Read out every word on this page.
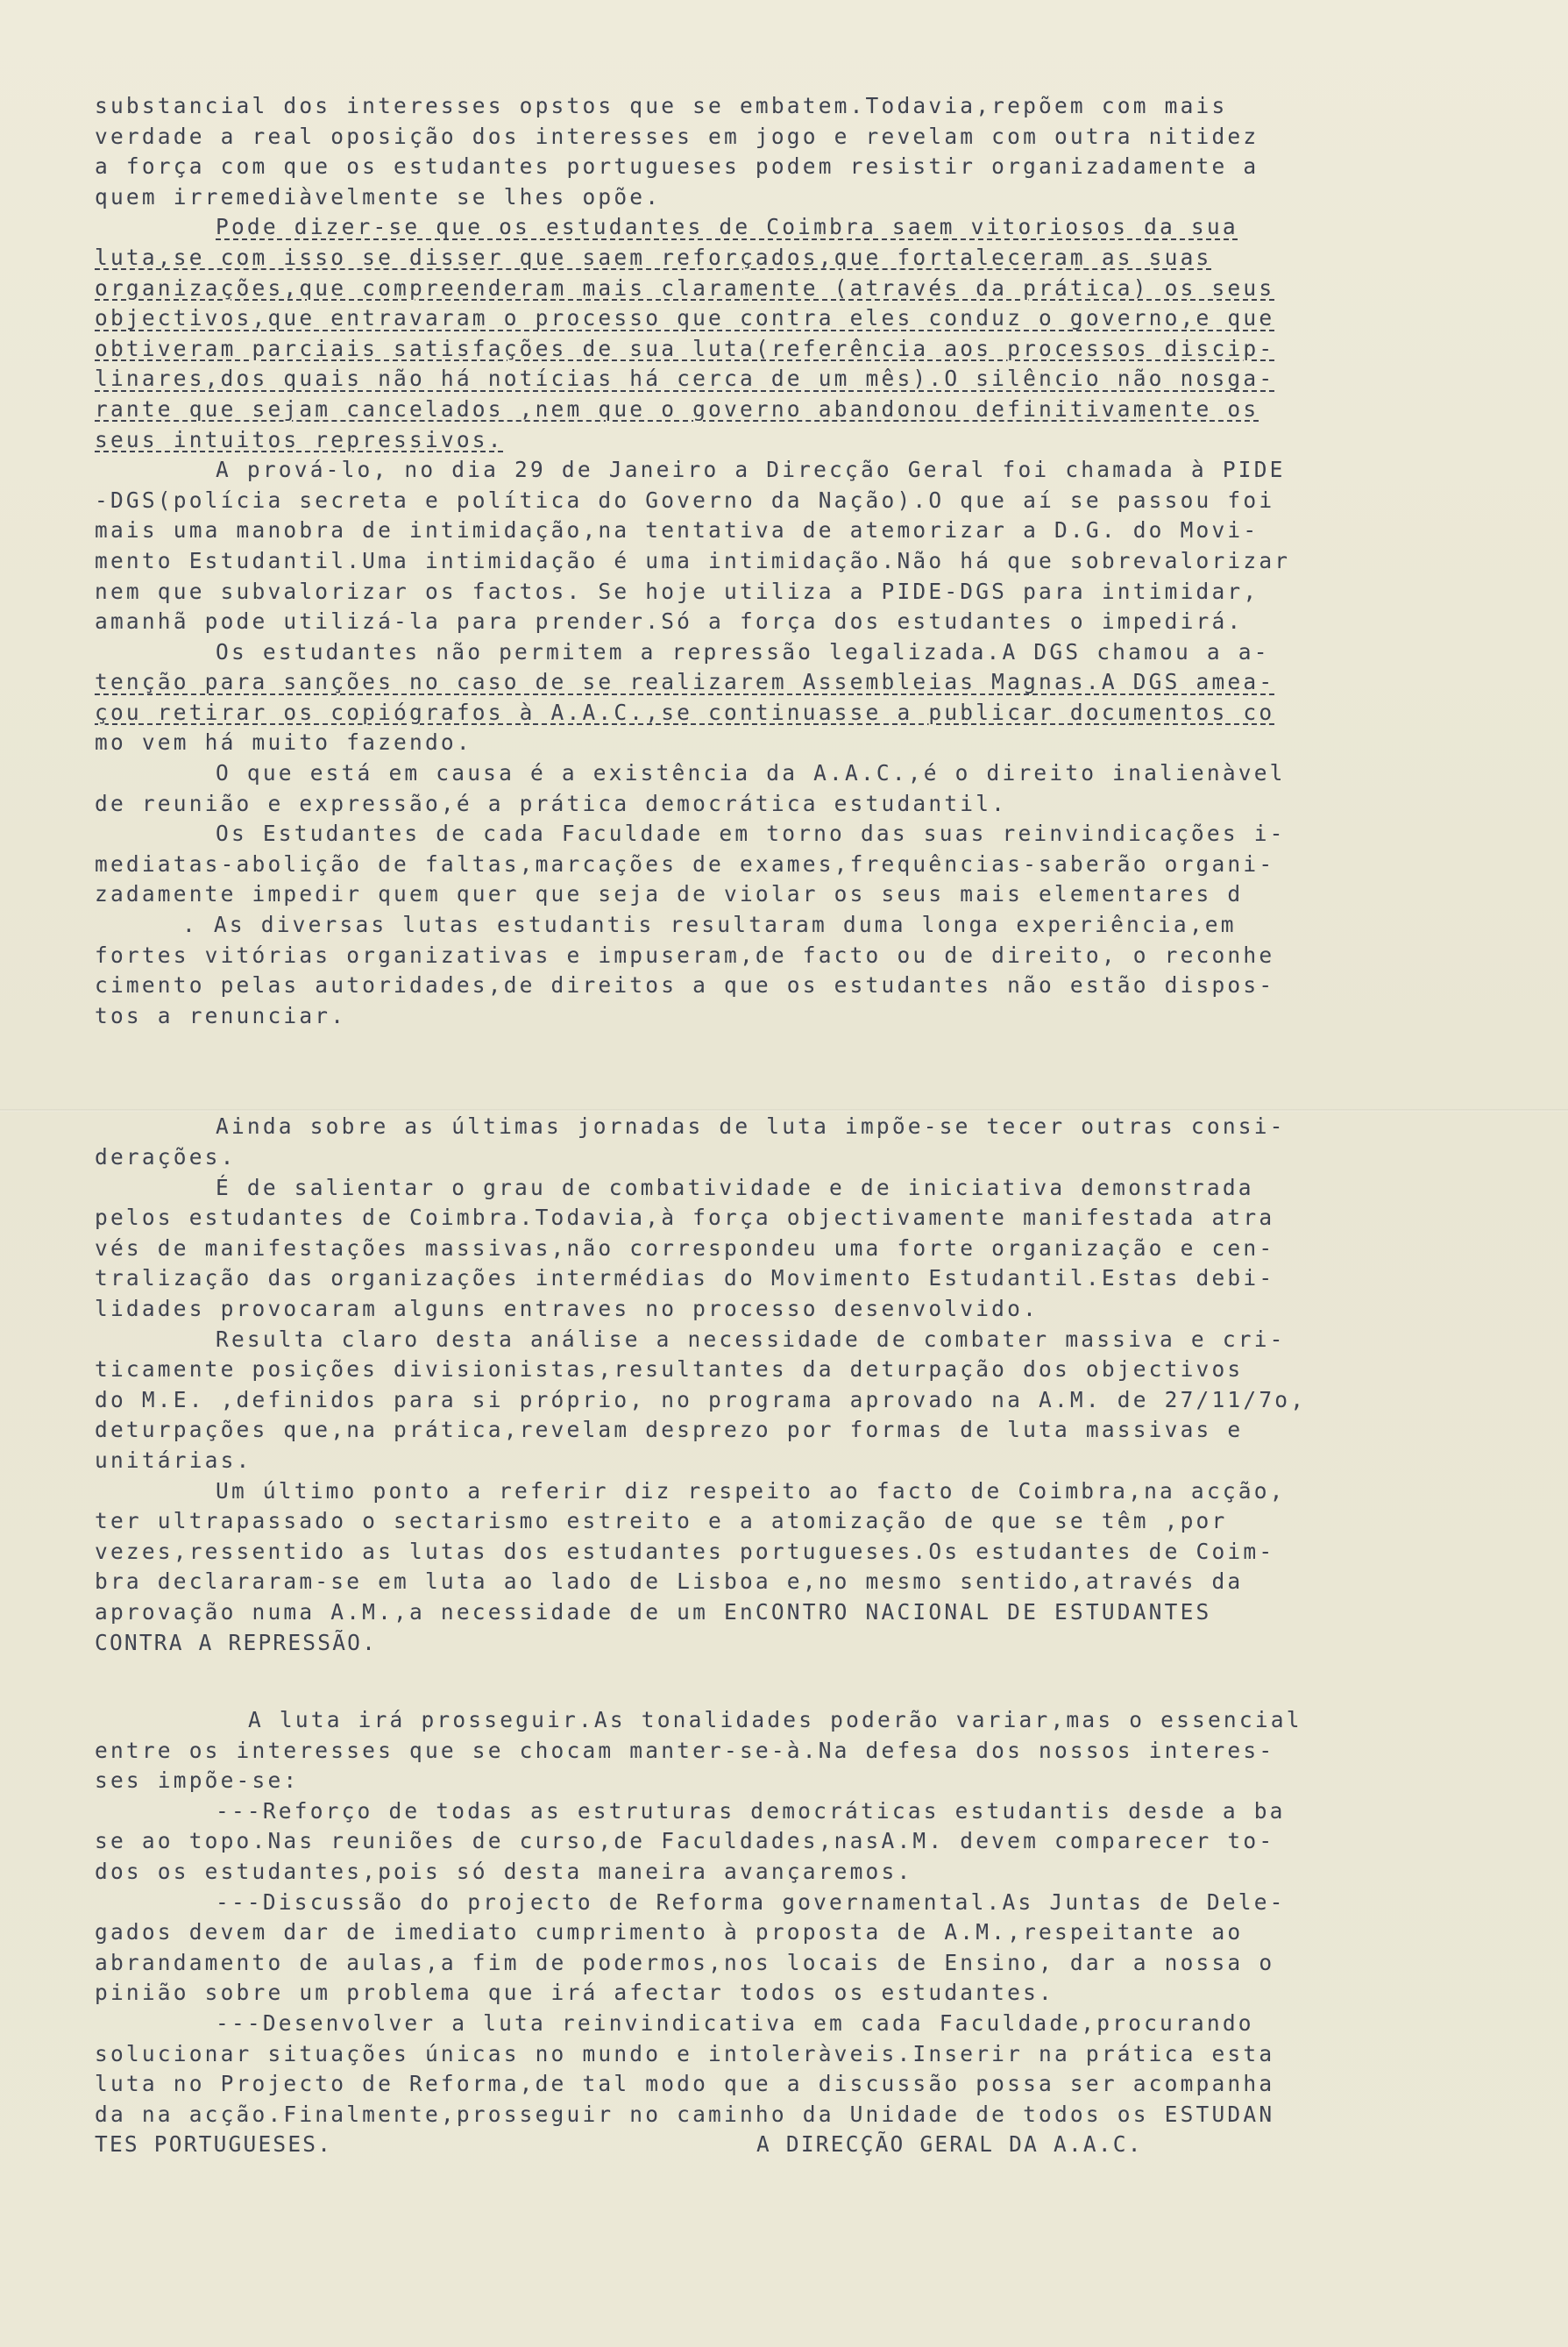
substancial dos interesses opstos que se embatem.Todavia,repõem com mais
verdade a real oposição dos interesses em jogo e revelam com outra nitidez
a força com que os estudantes portugueses podem resistir organizadamente a
quem irremediàvelmente se lhes opõe.
Pode dizer-se que os estudantes de Coimbra saem vitoriosos da sua
luta,se com isso se disser que saem reforçados,que fortaleceram as suas
organizações,que compreenderam mais claramente (através da prática) os seus
objectivos,que entravaram o processo que contra eles conduz o governo,e que
obtiveram parciais satisfações de sua luta(referência aos processos discip-
linares,dos quais não há notícias há cerca de um mês).O silêncio não nosga-
rante que sejam cancelados ,nem que o governo abandonou definitivamente os
seus intuitos repressivos.
A prová-lo, no dia 29 de Janeiro a Direcção Geral foi chamada à PIDE
-DGS(polícia secreta e política do Governo da Nação).O que aí se passou foi
mais uma manobra de intimidação,na tentativa de atemorizar a D.G. do Movi-
mento Estudantil.Uma intimidação é uma intimidação.Não há que sobrevalorizar
nem que subvalorizar os factos. Se hoje utiliza a PIDE-DGS para intimidar,
amanhã pode utilizá-la para prender.Só a força dos estudantes o impedirá.
Os estudantes não permitem a repressão legalizada.A DGS chamou a a-
tenção para sanções no caso de se realizarem Assembleias Magnas.A DGS amea-
çou retirar os copiógrafos à A.A.C.,se continuasse a publicar documentos co
mo vem há muito fazendo.
O que está em causa é a existência da A.A.C.,é o direito inalienàvel
de reunião e expressão,é a prática democrática estudantil.
Os Estudantes de cada Faculdade em torno das suas reinvindicações i-
mediatas-abolição de faltas,marcações de exames,frequências-saberão organi-
zadamente impedir quem quer que seja de violar os seus mais elementares d
. As diversas lutas estudantis resultaram duma longa experiência,em
fortes vitórias organizativas e impuseram,de facto ou de direito, o reconhe
cimento pelas autoridades,de direitos a que os estudantes não estão dispos-
tos a renunciar.
Ainda sobre as últimas jornadas de luta impõe-se tecer outras consi-
derações.
É de salientar o grau de combatividade e de iniciativa demonstrada
pelos estudantes de Coimbra.Todavia,à força objectivamente manifestada atra
vés de manifestações massivas,não correspondeu uma forte organização e cen-
tralização das organizações intermédias do Movimento Estudantil.Estas debi-
lidades provocaram alguns entraves no processo desenvolvido.
Resulta claro desta análise a necessidade de combater massiva e cri-
ticamente posições divisionistas,resultantes da deturpação dos objectivos
do M.E. ,definidos para si próprio, no programa aprovado na A.M. de 27/11/7o,
deturpações que,na prática,revelam desprezo por formas de luta massivas e
unitárias.
Um último ponto a referir diz respeito ao facto de Coimbra,na acção,
ter ultrapassado o sectarismo estreito e a atomização de que se têm ,por
vezes,ressentido as lutas dos estudantes portugueses.Os estudantes de Coim-
bra declararam-se em luta ao lado de Lisboa e,no mesmo sentido,através da
aprovação numa A.M.,a necessidade de um EnCONTRO NACIONAL DE ESTUDANTES
CONTRA A REPRESSÃO.
A luta irá prosseguir.As tonalidades poderão variar,mas o essencial
entre os interesses que se chocam manter-se-à.Na defesa dos nossos interes-
ses impõe-se:
---Reforço de todas as estruturas democráticas estudantis desde a ba
se ao topo.Nas reuniões de curso,de Faculdades,nasA.M. devem comparecer to-
dos os estudantes,pois só desta maneira avançaremos.
---Discussão do projecto de Reforma governamental.As Juntas de Dele-
gados devem dar de imediato cumprimento à proposta de A.M.,respeitante ao
abrandamento de aulas,a fim de podermos,nos locais de Ensino, dar a nossa o
pinião sobre um problema que irá afectar todos os estudantes.
---Desenvolver a luta reinvindicativa em cada Faculdade,procurando
solucionar situações únicas no mundo e intoleràveis.Inserir na prática esta
luta no Projecto de Reforma,de tal modo que a discussão possa ser acompanha
da na acção.Finalmente,prosseguir no caminho da Unidade de todos os ESTUDAN
TES PORTUGUESES.	A DIRECÇÃO GERAL DA A.A.C.
